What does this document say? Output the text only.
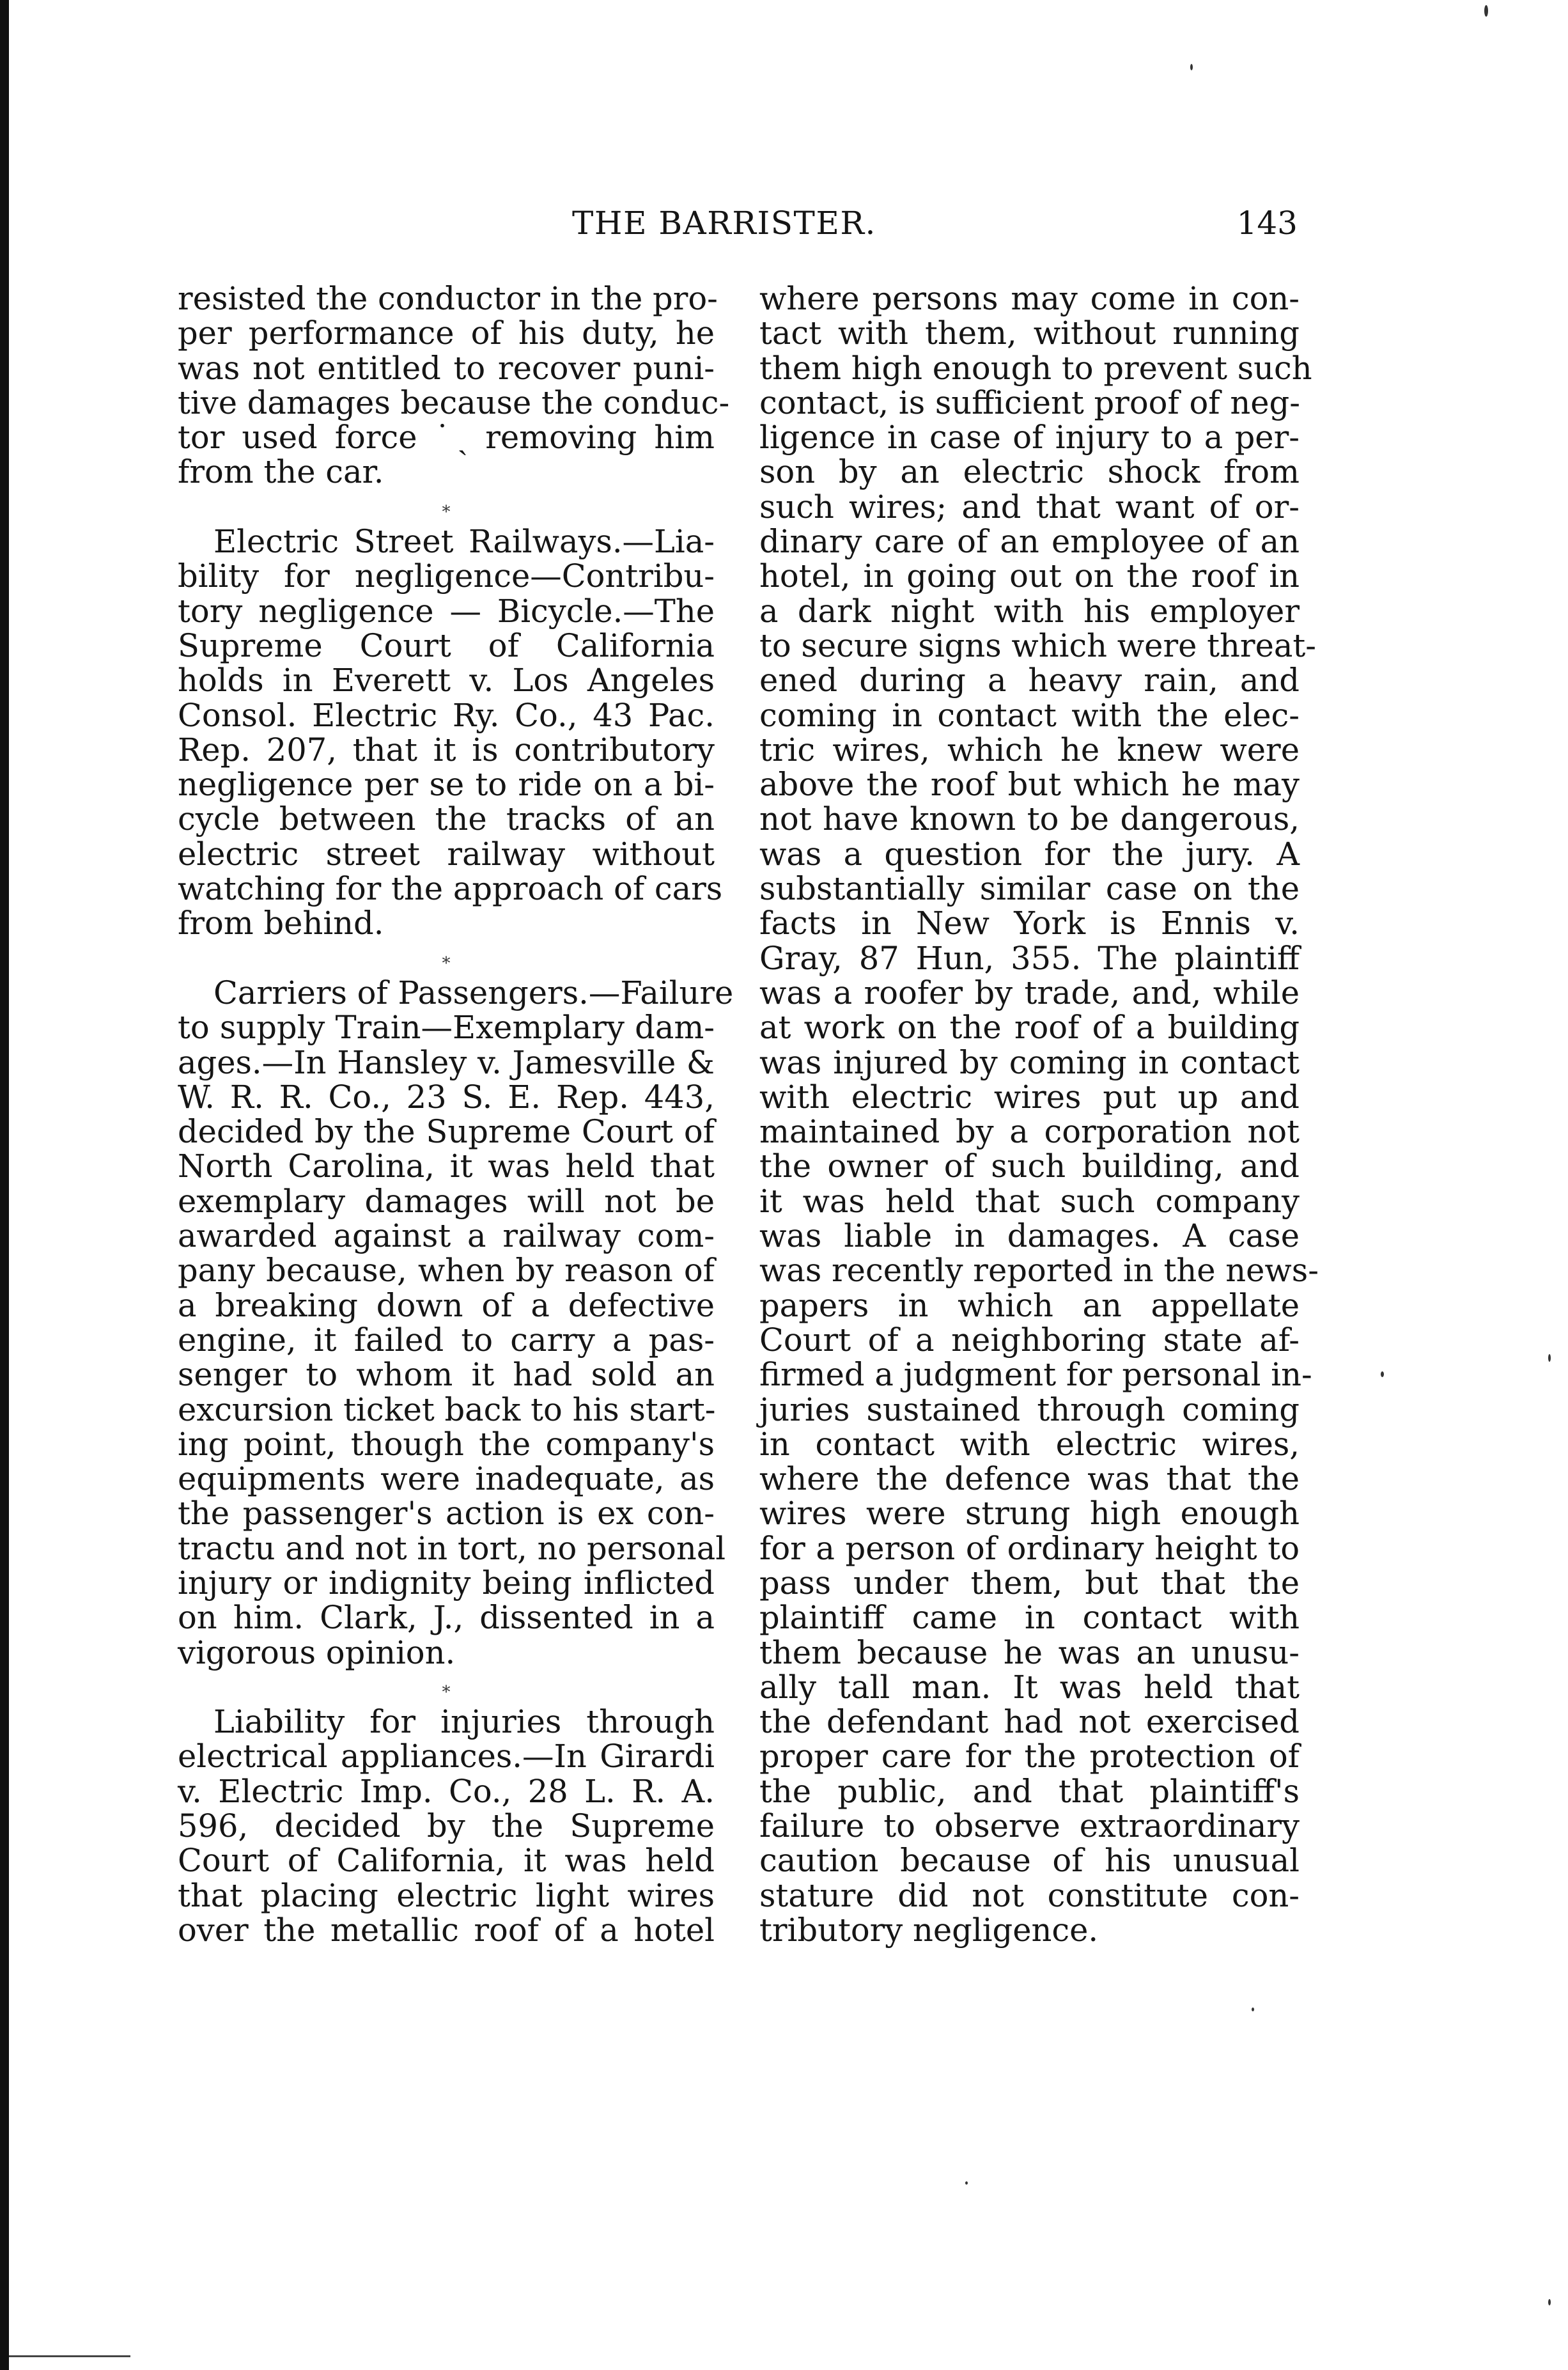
THE BARRISTER.	143
resisted the conductor in the pro-
per performance of his duty, he
was not entitled to recover puni-
tive damages because the conduc-
tor used force ˙ˏ removing him
from the car.
⁎
Electric Street Railways.—Lia-
bility for negligence—Contribu-
tory negligence — Bicycle.—The
Supreme Court of California
holds in Everett v. Los Angeles
Consol. Electric Ry. Co., 43 Pac.
Rep. 207, that it is contributory
negligence per se to ride on a bi-
cycle between the tracks of an
electric street railway without
watching for the approach of cars
from behind.
⁎
Carriers of Passengers.—Failure
to supply Train—Exemplary dam-
ages.—In Hansley v. Jamesville &
W. R. R. Co., 23 S. E. Rep. 443,
decided by the Supreme Court of
North Carolina, it was held that
exemplary damages will not be
awarded against a railway com-
pany because, when by reason of
a breaking down of a defective
engine, it failed to carry a pas-
senger to whom it had sold an
excursion ticket back to his start-
ing point, though the company's
equipments were inadequate, as
the passenger's action is ex con-
tractu and not in tort, no personal
injury or indignity being inflicted
on him. Clark, J., dissented in a
vigorous opinion.
⁎
Liability for injuries through
electrical appliances.—In Girardi
v. Electric Imp. Co., 28 L. R. A.
596, decided by the Supreme
Court of California, it was held
that placing electric light wires
over the metallic roof of a hotel
where persons may come in con-
tact with them, without running
them high enough to prevent such
contact, is sufficient proof of neg-
ligence in case of injury to a per-
son by an electric shock from
such wires; and that want of or-
dinary care of an employee of an
hotel, in going out on the roof in
a dark night with his employer
to secure signs which were threat-
ened during a heavy rain, and
coming in contact with the elec-
tric wires, which he knew were
above the roof but which he may
not have known to be dangerous,
was a question for the jury. A
substantially similar case on the
facts in New York is Ennis v.
Gray, 87 Hun, 355. The plaintiff
was a roofer by trade, and, while
at work on the roof of a building
was injured by coming in contact
with electric wires put up and
maintained by a corporation not
the owner of such building, and
it was held that such company
was liable in damages. A case
was recently reported in the news-
papers in which an appellate
Court of a neighboring state af-
firmed a judgment for personal in-
juries sustained through coming
in contact with electric wires,
where the defence was that the
wires were strung high enough
for a person of ordinary height to
pass under them, but that the
plaintiff came in contact with
them because he was an unusu-
ally tall man. It was held that
the defendant had not exercised
proper care for the protection of
the public, and that plaintiff's
failure to observe extraordinary
caution because of his unusual
stature did not constitute con-
tributory negligence.
